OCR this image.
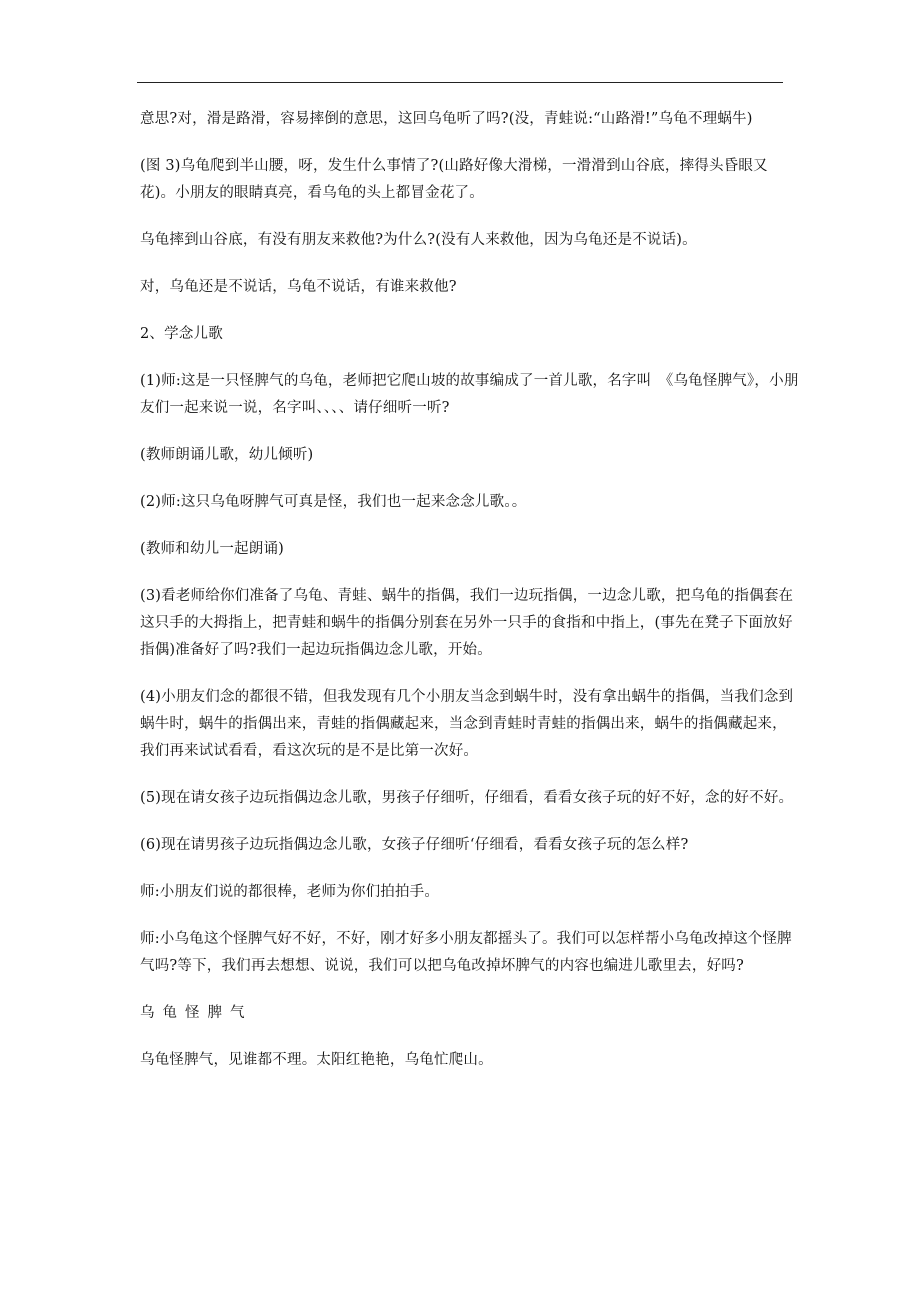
意思?对，滑是路滑，容易摔倒的意思，这回乌龟听了吗?(没，青蛙说:“山路滑!”乌龟不理蜗牛)

(图 3)乌龟爬到半山腰，呀，发生什么事情了?(山路好像大滑梯，一滑滑到山谷底，摔得头昏眼又花)。小朋友的眼睛真亮，看乌龟的头上都冒金花了。

乌龟摔到山谷底，有没有朋友来救他?为什么?(没有人来救他，因为乌龟还是不说话)。

对，乌龟还是不说话，乌龟不说话，有谁来救他?

2、学念儿歌

(1)师:这是一只怪脾气的乌龟，老师把它爬山坡的故事编成了一首儿歌，名字叫　《乌龟怪脾气》，小朋友们一起来说一说，名字叫、、、、请仔细听一听?

(教师朗诵儿歌，幼儿倾听)

(2)师:这只乌龟呀脾气可真是怪，我们也一起来念念儿歌。。

(教师和幼儿一起朗诵)

(3)看老师给你们准备了乌龟、青蛙、蜗牛的指偶，我们一边玩指偶，一边念儿歌，把乌龟的指偶套在这只手的大拇指上，把青蛙和蜗牛的指偶分别套在另外一只手的食指和中指上，(事先在凳子下面放好指偶)准备好了吗?我们一起边玩指偶边念儿歌，开始。

(4)小朋友们念的都很不错，但我发现有几个小朋友当念到蜗牛时，没有拿出蜗牛的指偶，当我们念到蜗牛时，蜗牛的指偶出来，青蛙的指偶藏起来，当念到青蛙时青蛙的指偶出来，蜗牛的指偶藏起来，我们再来试试看看，看这次玩的是不是比第一次好。

(5)现在请女孩子边玩指偶边念儿歌，男孩子仔细听，仔细看，看看女孩子玩的好不好，念的好不好。

(6)现在请男孩子边玩指偶边念儿歌，女孩子仔细听‘仔细看，看看女孩子玩的怎么样?

师:小朋友们说的都很棒，老师为你们拍拍手。

师:小乌龟这个怪脾气好不好，不好，刚才好多小朋友都摇头了。我们可以怎样帮小乌龟改掉这个怪脾气吗?等下，我们再去想想、说说，我们可以把乌龟改掉坏脾气的内容也编进儿歌里去，好吗?

乌龟怪脾气

乌龟怪脾气，见谁都不理。太阳红艳艳，乌龟忙爬山。
